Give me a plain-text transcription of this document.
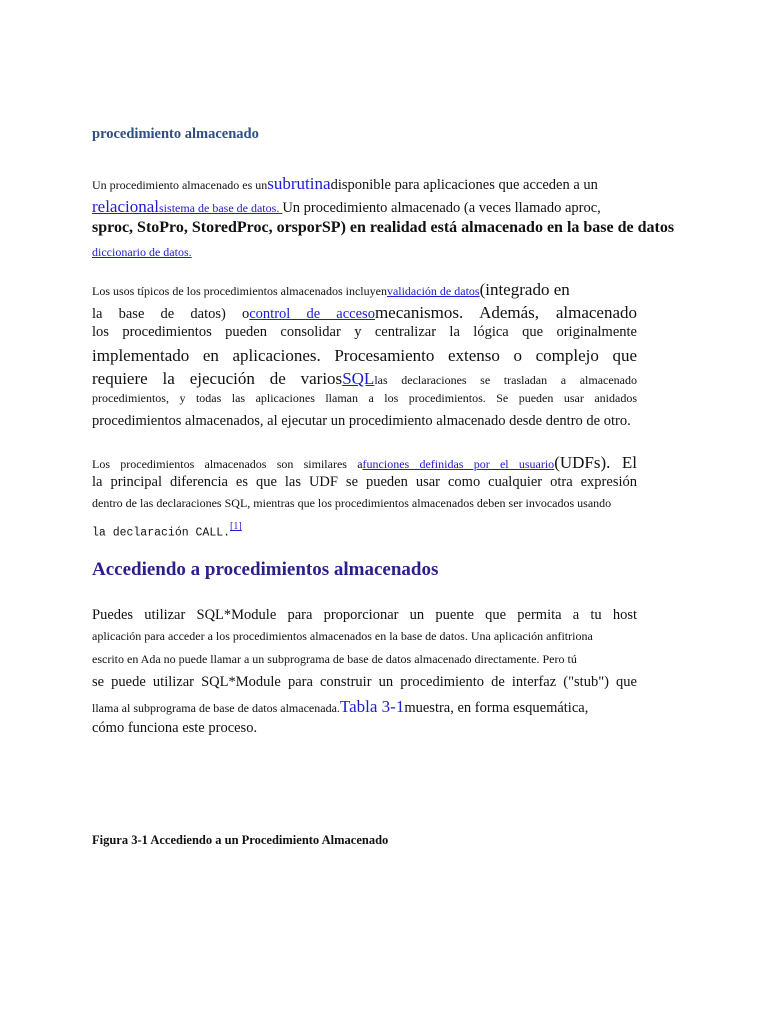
procedimiento almacenado
Un procedimiento almacenado es unsubrutinadisponible para aplicaciones que acceden a un
relacionalsistema de base de datos. Un procedimiento almacenado (a veces llamado aproc,
sproc, StoPro, StoredProc, orsporSP) en realidad está almacenado en la base de datos
diccionario de datos.
Los usos típicos de los procedimientos almacenados incluyenvalidación de datos(integrado en
la base de datos) ocontrol de accesomecanismos. Además, almacenado
los procedimientos pueden consolidar y centralizar la lógica que originalmente
implementado en aplicaciones. Procesamiento extenso o complejo que
requiere la ejecución de variosSQLlas declaraciones se trasladan a almacenado
procedimientos, y todas las aplicaciones llaman a los procedimientos. Se pueden usar anidados
procedimientos almacenados, al ejecutar un procedimiento almacenado desde dentro de otro.
Los procedimientos almacenados son similares afunciones definidas por el usuario(UDFs). El
la principal diferencia es que las UDF se pueden usar como cualquier otra expresión
dentro de las declaraciones SQL, mientras que los procedimientos almacenados deben ser invocados usando
la declaración CALL.[1]
Accediendo a procedimientos almacenados
Puedes utilizar SQL*Module para proporcionar un puente que permita a tu host
aplicación para acceder a los procedimientos almacenados en la base de datos. Una aplicación anfitriona
escrito en Ada no puede llamar a un subprograma de base de datos almacenado directamente. Pero tú
se puede utilizar SQL*Module para construir un procedimiento de interfaz ("stub") que
llama al subprograma de base de datos almacenada.Tabla 3-1muestra, en forma esquemática,
cómo funciona este proceso.
Figura 3-1 Accediendo a un Procedimiento Almacenado
